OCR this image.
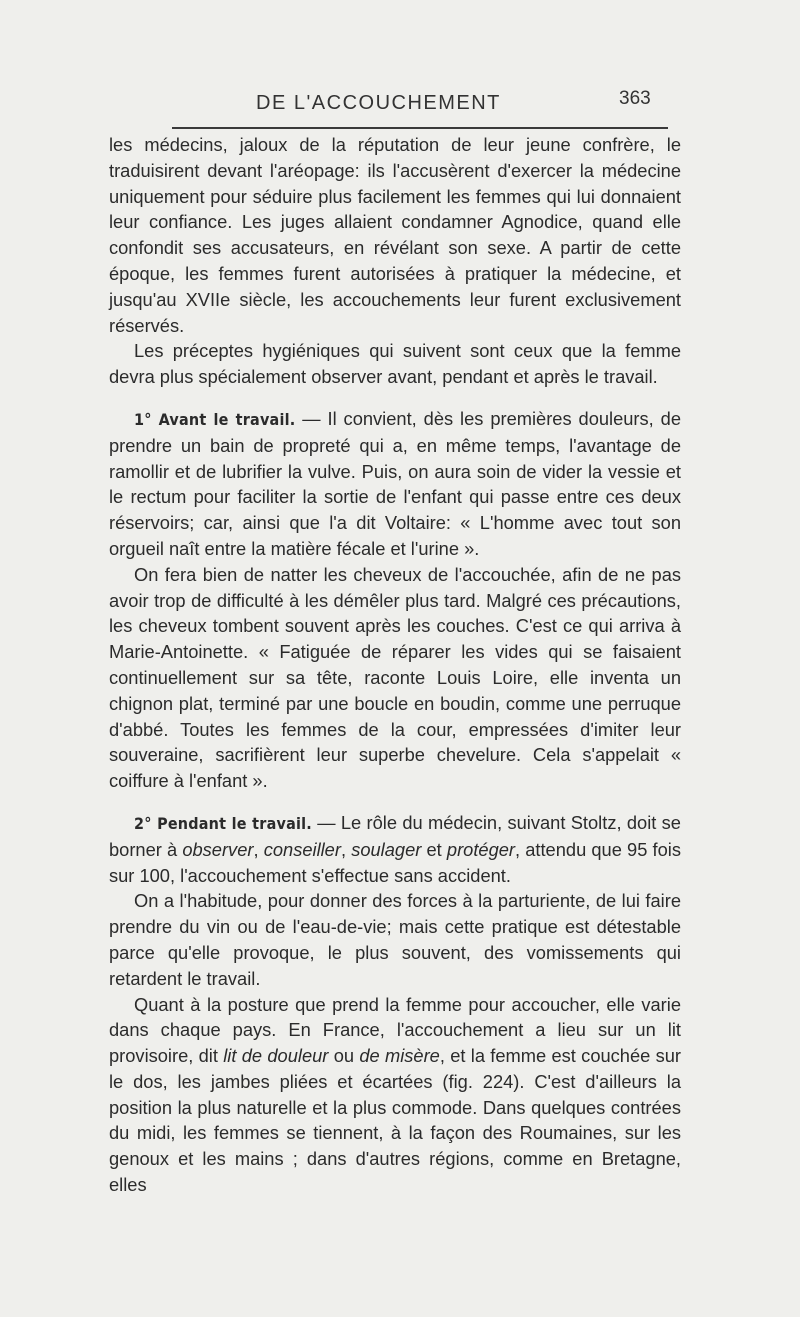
DE L'ACCOUCHEMENT	363

les médecins, jaloux de la réputation de leur jeune confrère, le traduisirent devant l'aréopage: ils l'accusèrent d'exercer la médecine uniquement pour séduire plus facilement les femmes qui lui donnaient leur confiance. Les juges allaient condamner Agnodice, quand elle confondit ses accusateurs, en révélant son sexe. A partir de cette époque, les femmes furent autorisées à pratiquer la médecine, et jusqu'au XVIIe siècle, les accouchements leur furent exclusivement réservés.

Les préceptes hygiéniques qui suivent sont ceux que la femme devra plus spécialement observer avant, pendant et après le travail.

1° Avant le travail. — Il convient, dès les premières douleurs, de prendre un bain de propreté qui a, en même temps, l'avantage de ramollir et de lubrifier la vulve. Puis, on aura soin de vider la vessie et le rectum pour faciliter la sortie de l'enfant qui passe entre ces deux réservoirs; car, ainsi que l'a dit Voltaire: « L'homme avec tout son orgueil naît entre la matière fécale et l'urine ».

On fera bien de natter les cheveux de l'accouchée, afin de ne pas avoir trop de difficulté à les démêler plus tard. Malgré ces précautions, les cheveux tombent souvent après les couches. C'est ce qui arriva à Marie-Antoinette. « Fatiguée de réparer les vides qui se faisaient continuellement sur sa tête, raconte Louis Loire, elle inventa un chignon plat, terminé par une boucle en boudin, comme une perruque d'abbé. Toutes les femmes de la cour, empressées d'imiter leur souveraine, sacrifièrent leur superbe chevelure. Cela s'appelait « coiffure à l'enfant ».

2° Pendant le travail. — Le rôle du médecin, suivant Stoltz, doit se borner à observer, conseiller, soulager et protéger, attendu que 95 fois sur 100, l'accouchement s'effectue sans accident.

On a l'habitude, pour donner des forces à la parturiente, de lui faire prendre du vin ou de l'eau-de-vie; mais cette pratique est détestable parce qu'elle provoque, le plus souvent, des vomissements qui retardent le travail.

Quant à la posture que prend la femme pour accoucher, elle varie dans chaque pays. En France, l'accouchement a lieu sur un lit provisoire, dit lit de douleur ou de misère, et la femme est couchée sur le dos, les jambes pliées et écartées (fig. 224). C'est d'ailleurs la position la plus naturelle et la plus commode. Dans quelques contrées du midi, les femmes se tiennent, à la façon des Roumaines, sur les genoux et les mains ; dans d'autres régions, comme en Bretagne, elles
